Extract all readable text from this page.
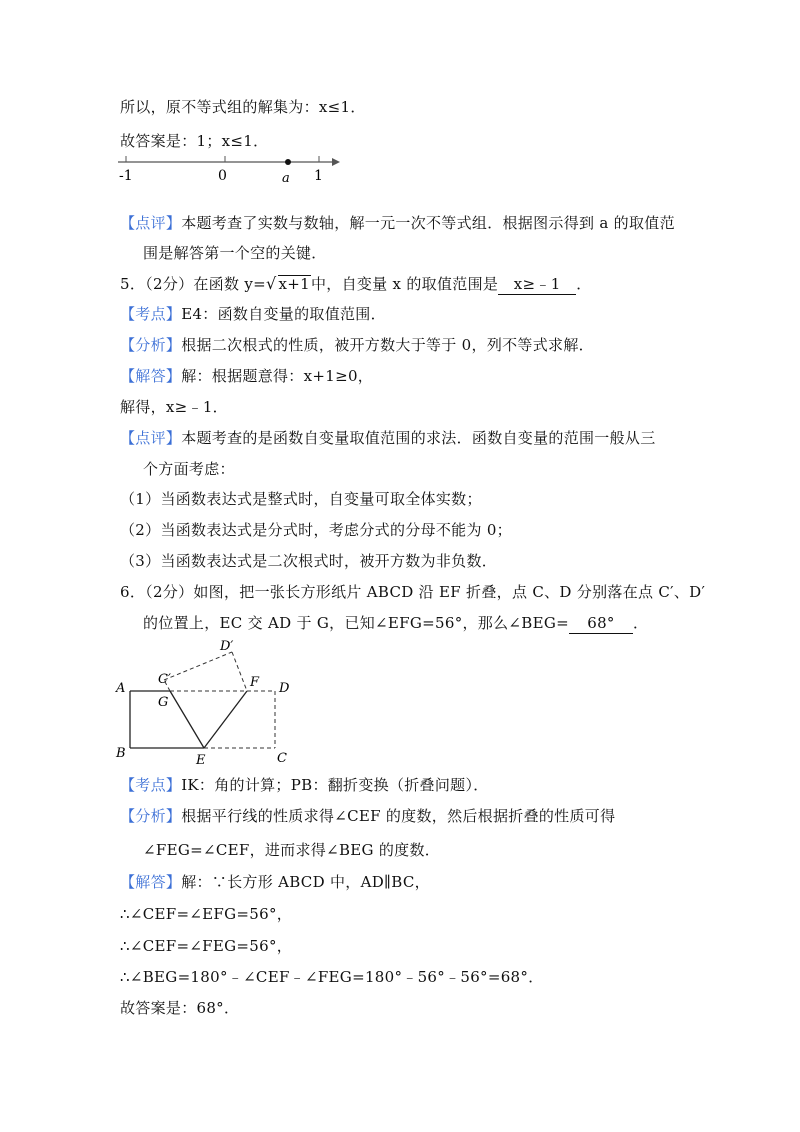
所以，原不等式组的解集为：x≤1．
故答案是：1；x≤1．
-1	0	1
a
【点评】本题考查了实数与数轴，解一元一次不等式组．根据图示得到 a 的取值范
围是解答第一个空的关键．
5．（2分）在函数 y=√ x+1中，自变量 x 的取值范围是 x≥﹣1 ．
【考点】E4：函数自变量的取值范围．
【分析】根据二次根式的性质，被开方数大于等于 0，列不等式求解．
【解答】解：根据题意得：x+1≥0，
解得，x≥﹣1．
【点评】本题考查的是函数自变量取值范围的求法．函数自变量的范围一般从三
个方面考虑：
（1）当函数表达式是整式时，自变量可取全体实数；
（2）当函数表达式是分式时，考虑分式的分母不能为 0；
（3）当函数表达式是二次根式时，被开方数为非负数．
6．（2分）如图，把一张长方形纸片 ABCD 沿 EF 折叠，点 C、D 分别落在点 C′、D′
的位置上，EC 交 AD 于 G，已知∠EFG=56°，那么∠BEG= 68° ．
A
B	C
D
E
F
G
C′
D′
【考点】IK：角的计算；PB：翻折变换（折叠问题）．
【分析】根据平行线的性质求得∠CEF 的度数，然后根据折叠的性质可得
∠FEG=∠CEF，进而求得∠BEG 的度数．
【解答】解：∵长方形 ABCD 中，AD∥BC，
∴∠CEF=∠EFG=56°，
∴∠CEF=∠FEG=56°，
∴∠BEG=180°﹣∠CEF﹣∠FEG=180°﹣56°﹣56°=68°．
故答案是：68°．
